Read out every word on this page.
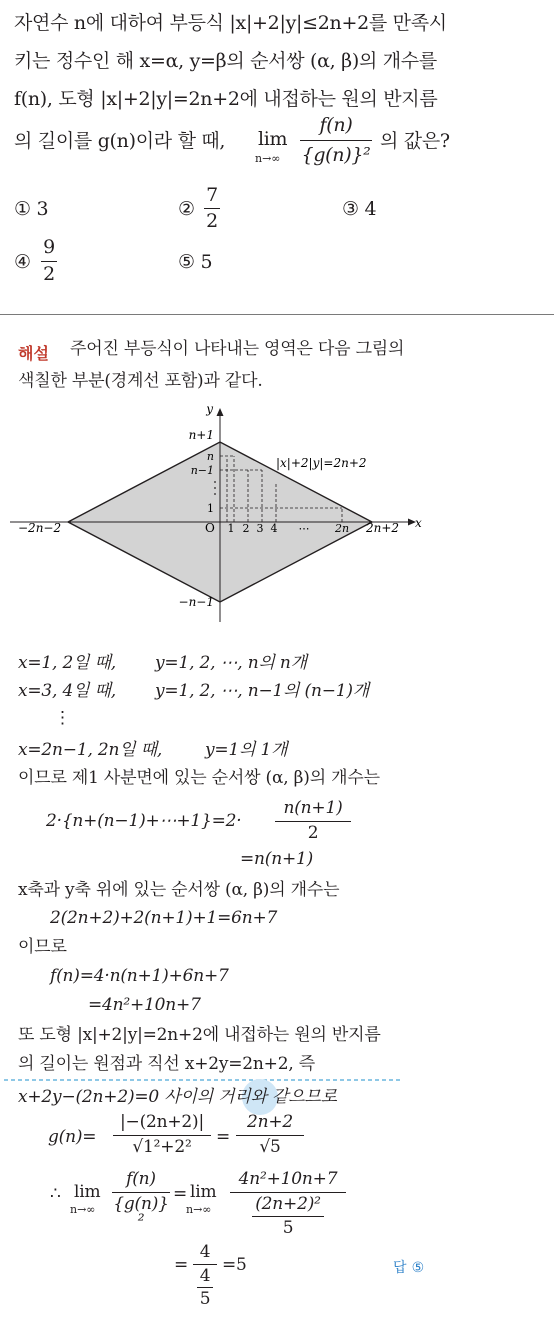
자연수 n에 대하여 부등식 |x|+2|y|≤2n+2를 만족시
키는 정수인 해 x=α, y=β의 순서쌍 (α, β)의 개수를
f(n), 도형 |x|+2|y|=2n+2에 내접하는 원의 반지름
의 길이를 g(n)이라 할 때, lim
n→∞
f(n)
{g(n)}²
의 값은?
① 3	②
7
2
③ 4
④
9
2
⑤ 5
해설 주어진 부등식이 나타내는 영역은 다음 그림의
색칠한 부분(경계선 포함)과 같다.
y
x
n+1
n
n−1
1
O 1 2 3 4 ⋯ 2n
−2n−2	2n+2
−n−1
|x|+2|y|=2n+2
x=1, 2일 때, y=1, 2, ⋯, n의 n개
x=3, 4일 때, y=1, 2, ⋯, n−1의 (n−1)개
⋮
x=2n−1, 2n일 때,	y=1의 1개
이므로 제1 사분면에 있는 순서쌍 (α, β)의 개수는
2·{n+(n−1)+⋯+1}=2·
n(n+1)
2
=n(n+1)
x축과 y축 위에 있는 순서쌍 (α, β)의 개수는
2(2n+2)+2(n+1)+1=6n+7
이므로
f(n)=4·n(n+1)+6n+7
=4n²+10n+7
또 도형 |x|+2|y|=2n+2에 내접하는 원의 반지름
의 길이는 원점과 직선 x+2y=2n+2, 즉
x+2y−(2n+2)=0 사이의 거리와 같으므로
g(n)=
|−(2n+2)|
√1²+2²	=
2n+2
√5
∴ lim
n→∞
f(n)
{g(n)}²
= lim
n→∞
4n²+10n+7
(2n+2)²
5
=
4
4
5
=5	답 ⑤
